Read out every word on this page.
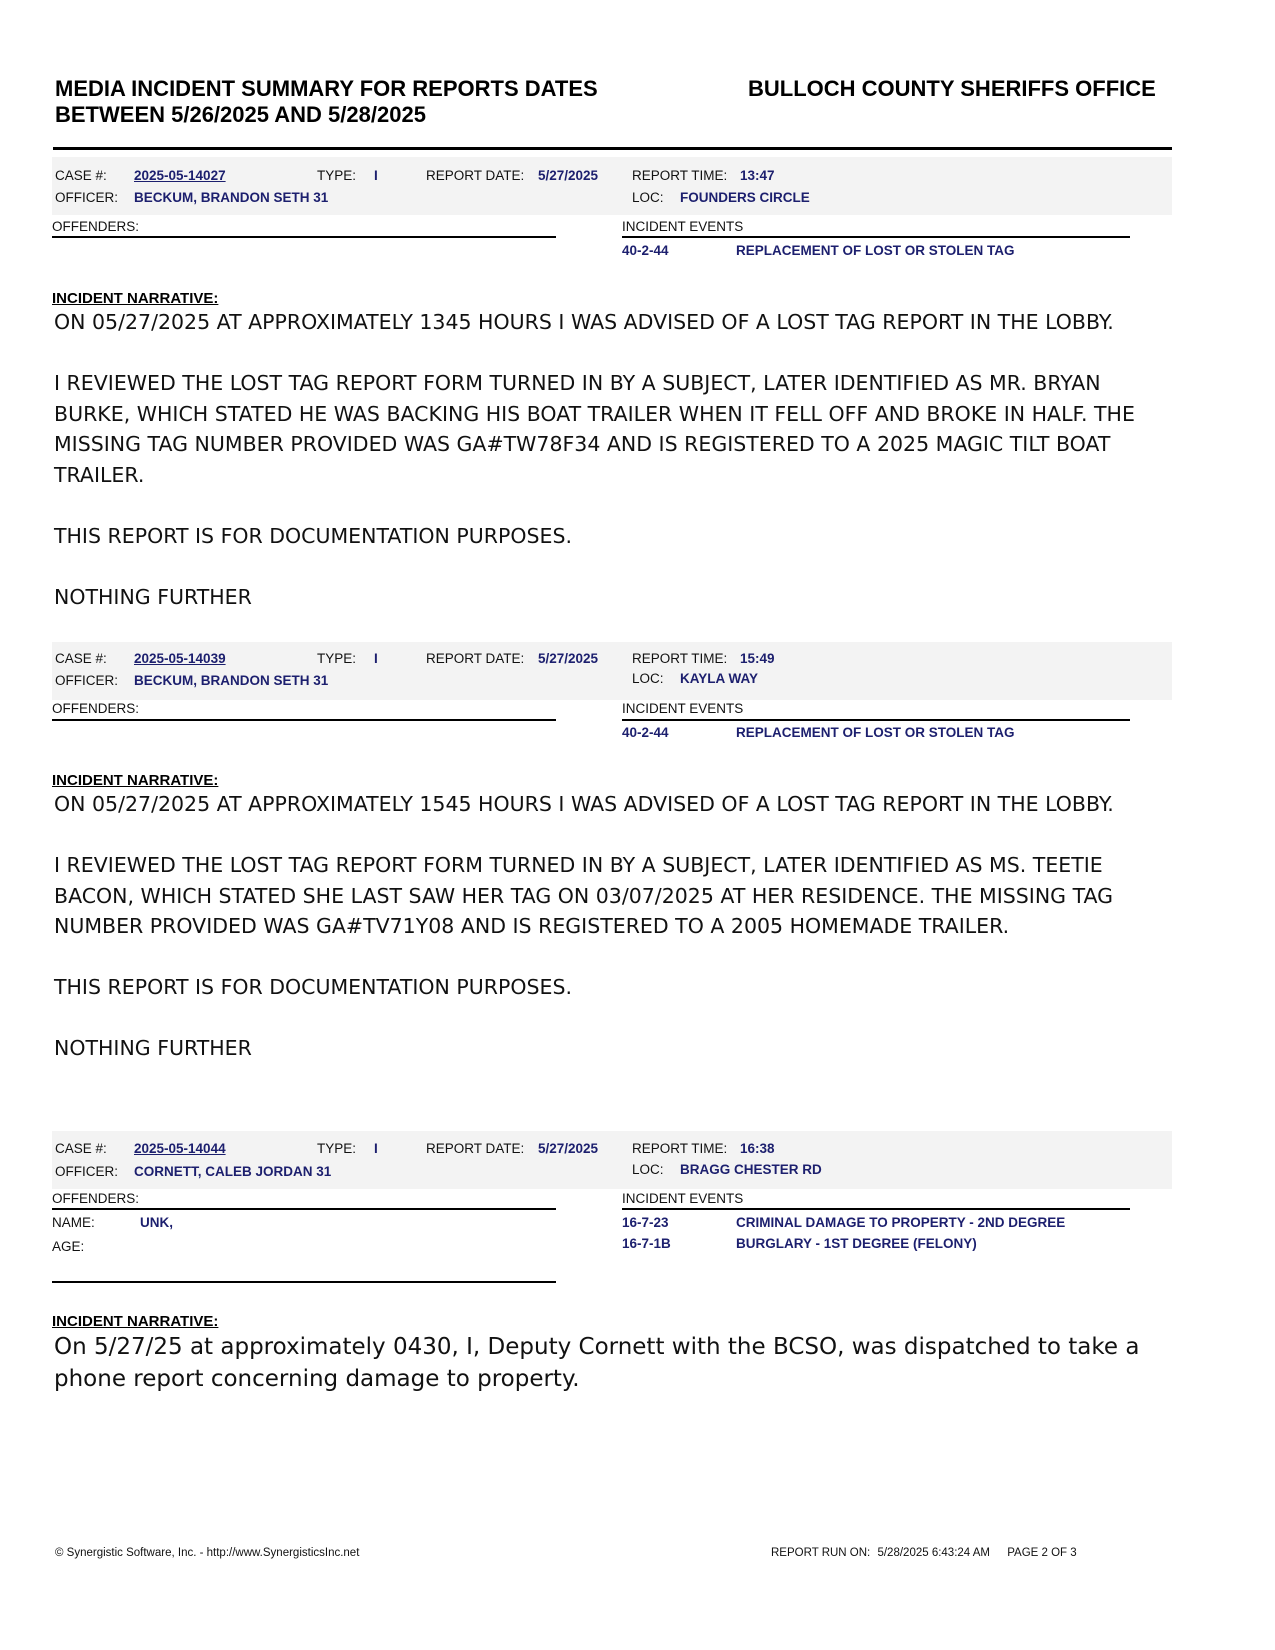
MEDIA INCIDENT SUMMARY FOR REPORTS DATES
BETWEEN 5/26/2025 AND 5/28/2025
BULLOCH COUNTY SHERIFFS OFFICE
CASE #: 2025-05-14027	TYPE: I	REPORT DATE: 5/27/2025	REPORT TIME: 13:47
OFFICER: BECKUM, BRANDON SETH 31	LOC: FOUNDERS CIRCLE
OFFENDERS:	INCIDENT EVENTS
40-2-44	REPLACEMENT OF LOST OR STOLEN TAG
INCIDENT NARRATIVE:

ON 05/27/2025 AT APPROXIMATELY 1345 HOURS I WAS ADVISED OF A LOST TAG REPORT IN THE LOBBY.

I REVIEWED THE LOST TAG REPORT FORM TURNED IN BY A SUBJECT, LATER IDENTIFIED AS MR. BRYAN BURKE, WHICH STATED HE WAS BACKING HIS BOAT TRAILER WHEN IT FELL OFF AND BROKE IN HALF. THE MISSING TAG NUMBER PROVIDED WAS GA#TW78F34 AND IS REGISTERED TO A 2025 MAGIC TILT BOAT TRAILER.

THIS REPORT IS FOR DOCUMENTATION PURPOSES.

NOTHING FURTHER

CASE #: 2025-05-14039	TYPE: I	REPORT DATE: 5/27/2025	REPORT TIME: 15:49
OFFICER: BECKUM, BRANDON SETH 31	LOC: KAYLA WAY
OFFENDERS:	INCIDENT EVENTS
40-2-44	REPLACEMENT OF LOST OR STOLEN TAG
INCIDENT NARRATIVE:

ON 05/27/2025 AT APPROXIMATELY 1545 HOURS I WAS ADVISED OF A LOST TAG REPORT IN THE LOBBY.

I REVIEWED THE LOST TAG REPORT FORM TURNED IN BY A SUBJECT, LATER IDENTIFIED AS MS. TEETIE BACON, WHICH STATED SHE LAST SAW HER TAG ON 03/07/2025 AT HER RESIDENCE. THE MISSING TAG NUMBER PROVIDED WAS GA#TV71Y08 AND IS REGISTERED TO A 2005 HOMEMADE TRAILER.

THIS REPORT IS FOR DOCUMENTATION PURPOSES.

NOTHING FURTHER

CASE #: 2025-05-14044	TYPE: I	REPORT DATE: 5/27/2025	REPORT TIME: 16:38
OFFICER: CORNETT, CALEB JORDAN 31	LOC: BRAGG CHESTER RD
OFFENDERS:
NAME:	UNK,
AGE:
INCIDENT EVENTS
16-7-23	CRIMINAL DAMAGE TO PROPERTY - 2ND DEGREE
16-7-1B	BURGLARY - 1ST DEGREE (FELONY)
INCIDENT NARRATIVE:

On 5/27/25 at approximately 0430, I, Deputy Cornett with the BCSO, was dispatched to take a phone report concerning damage to property.

© Synergistic Software, Inc. - http://www.SynergisticsInc.net	REPORT RUN ON: 5/28/2025 6:43:24 AM PAGE 2 OF 3
